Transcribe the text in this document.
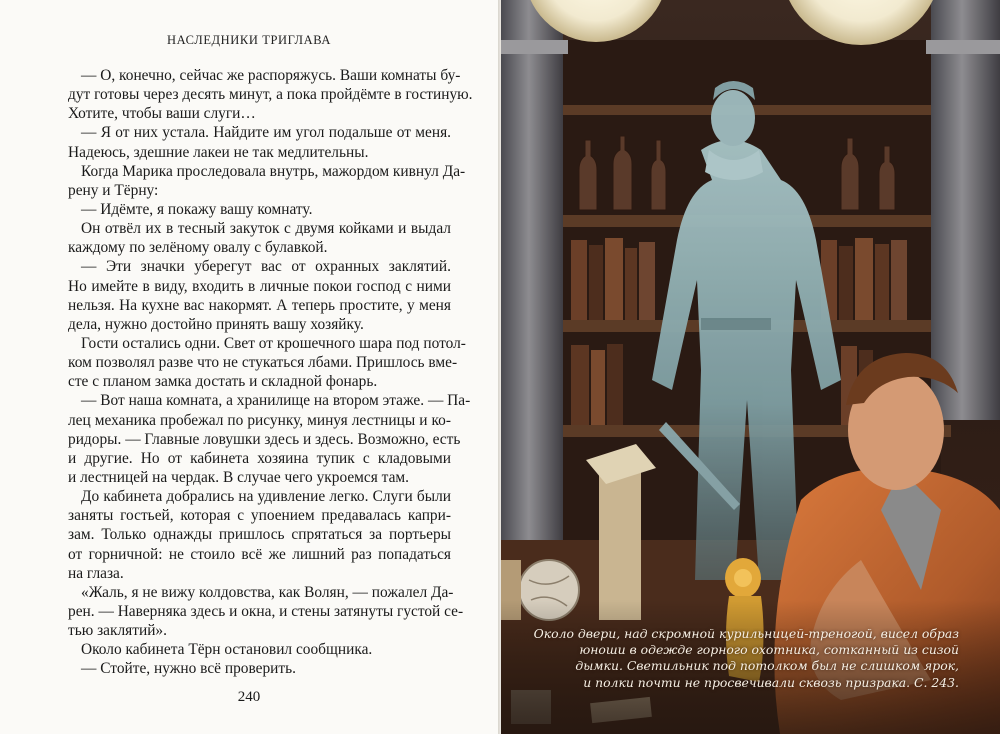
НАСЛЕДНИКИ ТРИГЛАВА
— О, конечно, сейчас же распоряжусь. Ваши комнаты бу-
дут готовы через десять минут, а пока пройдёмте в гостиную.
Хотите, чтобы ваши слуги…
— Я от них устала. Найдите им угол подальше от меня.
Надеюсь, здешние лакеи не так медлительны.
Когда Марика проследовала внутрь, мажордом кивнул Да-
рену и Тёрну:
— Идёмте, я покажу вашу комнату.
Он отвёл их в тесный закуток с двумя койками и выдал
каждому по зелёному овалу с булавкой.
— Эти значки уберегут вас от охранных заклятий.
Но имейте в виду, входить в личные покои господ с ними
нельзя. На кухне вас накормят. А теперь простите, у меня
дела, нужно достойно принять вашу хозяйку.
Гости остались одни. Свет от крошечного шара под потол-
ком позволял разве что не стукаться лбами. Пришлось вме-
сте с планом замка достать и складной фонарь.
— Вот наша комната, а хранилище на втором этаже. — Па-
лец механика пробежал по рисунку, минуя лестницы и ко-
ридоры. — Главные ловушки здесь и здесь. Возможно, есть
и другие. Но от кабинета хозяина тупик с кладовыми
и лестницей на чердак. В случае чего укроемся там.
До кабинета добрались на удивление легко. Слуги были
заняты гостьей, которая с упоением предавалась капри-
зам. Только однажды пришлось спрятаться за портьеры
от горничной: не стоило всё же лишний раз попадаться
на глаза.
«Жаль, я не вижу колдовства, как Волян, — пожалел Да-
рен. — Наверняка здесь и окна, и стены затянуты густой се-
тью заклятий».
Около кабинета Тёрн остановил сообщника.
— Стойте, нужно всё проверить.
240
Около двери, над скромной курильницей-треногой, висел образ
юноши в одежде горного охотника, сотканный из сизой
дымки. Светильник под потолком был не слишком ярок,
и полки почти не просвечивали сквозь призрака. С. 243.
